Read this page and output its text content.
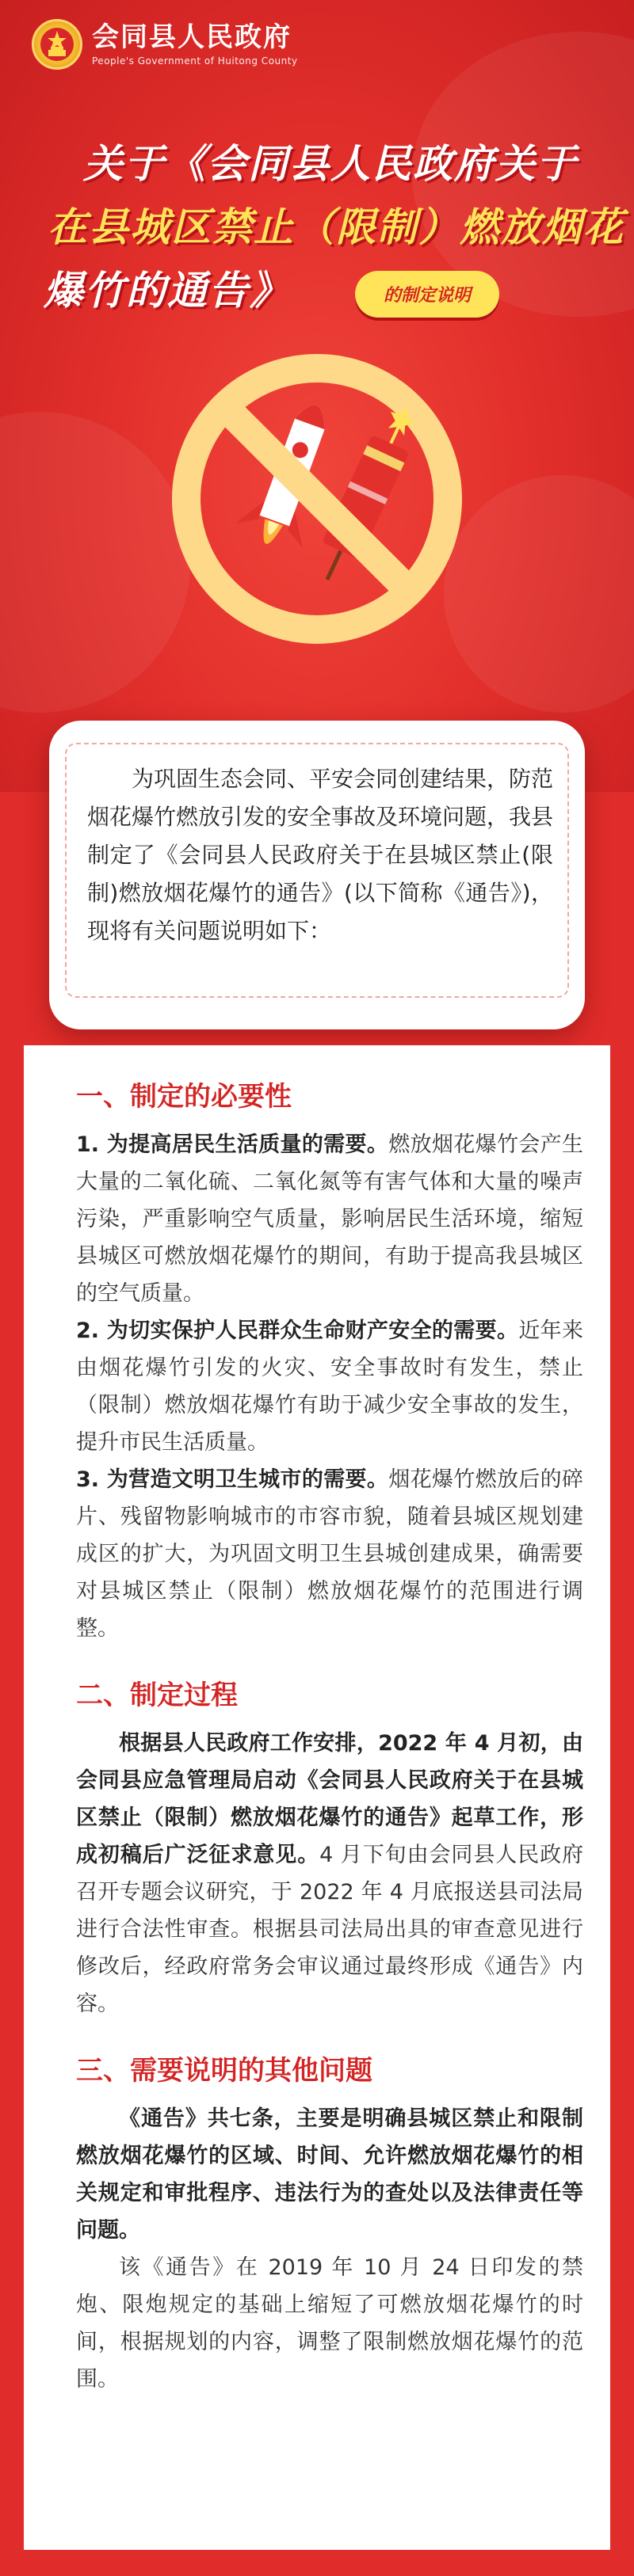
会同县人民政府
People's Government of Huitong County
关于《会同县人民政府关于
在县城区禁止（限制）燃放烟花
爆竹的通告》	的制定说明

为巩固生态会同、平安会同创建结果，防范烟花爆竹燃放引发的安全事故及环境问题，我县制定了《会同县人民政府关于在县城区禁止(限制)燃放烟花爆竹的通告》(以下简称《通告》)，现将有关问题说明如下：

一、制定的必要性

1. 为提高居民生活质量的需要。燃放烟花爆竹会产生大量的二氧化硫、二氧化氮等有害气体和大量的噪声污染，严重影响空气质量，影响居民生活环境，缩短县城区可燃放烟花爆竹的期间，有助于提高我县城区的空气质量。

2. 为切实保护人民群众生命财产安全的需要。近年来由烟花爆竹引发的火灾、安全事故时有发生，禁止（限制）燃放烟花爆竹有助于减少安全事故的发生，提升市民生活质量。

3. 为营造文明卫生城市的需要。烟花爆竹燃放后的碎片、残留物影响城市的市容市貌，随着县城区规划建成区的扩大，为巩固文明卫生县城创建成果，确需要对县城区禁止（限制）燃放烟花爆竹的范围进行调整。

二、制定过程

根据县人民政府工作安排，2022 年 4 月初，由会同县应急管理局启动《会同县人民政府关于在县城区禁止（限制）燃放烟花爆竹的通告》起草工作，形成初稿后广泛征求意见。4 月下旬由会同县人民政府召开专题会议研究，于 2022 年 4 月底报送县司法局进行合法性审查。根据县司法局出具的审查意见进行修改后，经政府常务会审议通过最终形成《通告》内容。

三、需要说明的其他问题

《通告》共七条，主要是明确县城区禁止和限制燃放烟花爆竹的区域、时间、允许燃放烟花爆竹的相关规定和审批程序、违法行为的查处以及法律责任等问题。

该《通告》在 2019 年 10 月 24 日印发的禁炮、限炮规定的基础上缩短了可燃放烟花爆竹的时间，根据规划的内容，调整了限制燃放烟花爆竹的范围。
